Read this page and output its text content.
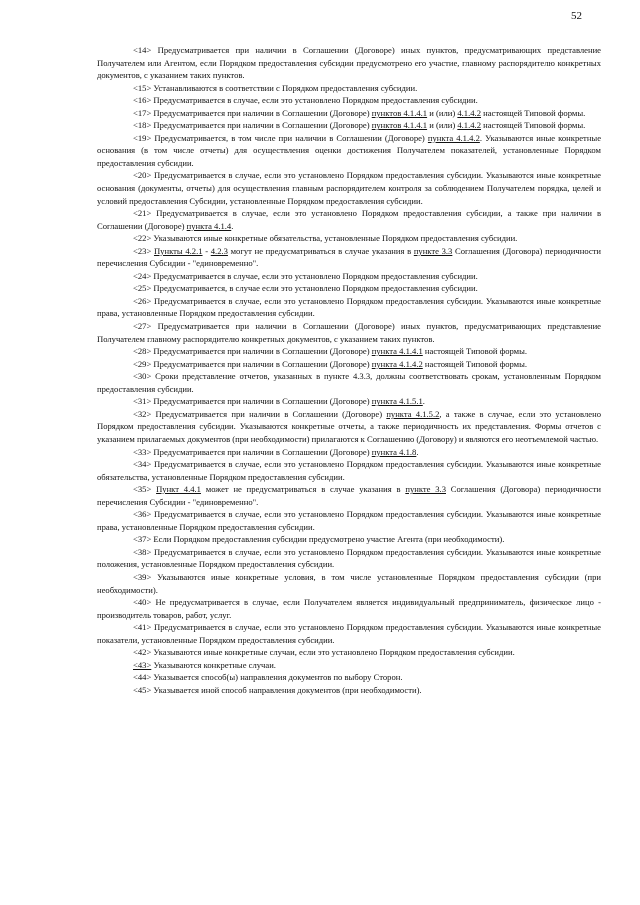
52

<14> Предусматривается при наличии в Соглашении (Договоре) иных пунктов, предусматривающих представление Получателем или Агентом, если Порядком предоставления субсидии предусмотрено его участие, главному распорядителю конкретных документов, с указанием таких пунктов.

<15> Устанавливаются в соответствии с Порядком предоставления субсидии.

<16> Предусматривается в случае, если это установлено Порядком предоставления субсидии.

<17> Предусматривается при наличии в Соглашении (Договоре) пунктов 4.1.4.1 и (или) 4.1.4.2 настоящей Типовой формы.

<18> Предусматривается при наличии в Соглашении (Договоре) пунктов 4.1.4.1 и (или) 4.1.4.2 настоящей Типовой формы.

<19> Предусматривается, в том числе при наличии в Соглашении (Договоре) пункта 4.1.4.2. Указываются иные конкретные основания (в том числе отчеты) для осуществления оценки достижения Получателем показателей, установленные Порядком предоставления субсидии.

<20> Предусматривается в случае, если это установлено Порядком предоставления субсидии. Указываются иные конкретные основания (документы, отчеты) для осуществления главным распорядителем контроля за соблюдением Получателем порядка, целей и условий предоставления Субсидии, установленные Порядком предоставления субсидии.

<21> Предусматривается в случае, если это установлено Порядком предоставления субсидии, а также при наличии в Соглашении (Договоре) пункта 4.1.4.

<22> Указываются иные конкретные обязательства, установленные Порядком предоставления субсидии.

<23> Пункты 4.2.1 - 4.2.3 могут не предусматриваться в случае указания в пункте 3.3 Соглашения (Договора) периодичности перечисления Субсидии - "единовременно".

<24> Предусматривается в случае, если это установлено Порядком предоставления субсидии.

<25> Предусматривается, в случае если это установлено Порядком предоставления субсидии.

<26> Предусматривается в случае, если это установлено Порядком предоставления субсидии. Указываются иные конкретные права, установленные Порядком предоставления субсидии.

<27> Предусматривается при наличии в Соглашении (Договоре) иных пунктов, предусматривающих представление Получателем главному распорядителю конкретных документов, с указанием таких пунктов.

<28> Предусматривается при наличии в Соглашении (Договоре) пункта 4.1.4.1 настоящей Типовой формы.

<29> Предусматривается при наличии в Соглашении (Договоре) пункта 4.1.4.2 настоящей Типовой формы.

<30> Сроки представление отчетов, указанных в пункте 4.3.3, должны соответствовать срокам, установленным Порядком предоставления субсидии.

<31> Предусматривается при наличии в Соглашении (Договоре) пункта 4.1.5.1.

<32> Предусматривается при наличии в Соглашении (Договоре) пункта 4.1.5.2, а также в случае, если это установлено Порядком предоставления субсидии. Указываются конкретные отчеты, а также периодичность их представления. Формы отчетов с указанием прилагаемых документов (при необходимости) прилагаются к Соглашению (Договору) и являются его неотъемлемой частью.

<33> Предусматривается при наличии в Соглашении (Договоре) пункта 4.1.8.

<34> Предусматривается в случае, если это установлено Порядком предоставления субсидии. Указываются иные конкретные обязательства, установленные Порядком предоставления субсидии.

<35> Пункт 4.4.1 может не предусматриваться в случае указания в пункте 3.3 Соглашения (Договора) периодичности перечисления Субсидии - "единовременно".

<36> Предусматривается в случае, если это установлено Порядком предоставления субсидии. Указываются иные конкретные права, установленные Порядком предоставления субсидии.

<37> Если Порядком предоставления субсидии предусмотрено участие Агента (при необходимости).

<38> Предусматривается в случае, если это установлено Порядком предоставления субсидии. Указываются иные конкретные положения, установленные Порядком предоставления субсидии.

<39> Указываются иные конкретные условия, в том числе установленные Порядком предоставления субсидии (при необходимости).

<40> Не предусматривается в случае, если Получателем является индивидуальный предприниматель, физическое лицо - производитель товаров, работ, услуг.

<41> Предусматривается в случае, если это установлено Порядком предоставления субсидии. Указываются иные конкретные показатели, установленные Порядком предоставления субсидии.

<42> Указываются иные конкретные случаи, если это установлено Порядком предоставления субсидии.

<43> Указываются конкретные случаи.

<44> Указывается способ(ы) направления документов по выбору Сторон.

<45> Указывается иной способ направления документов (при необходимости).
